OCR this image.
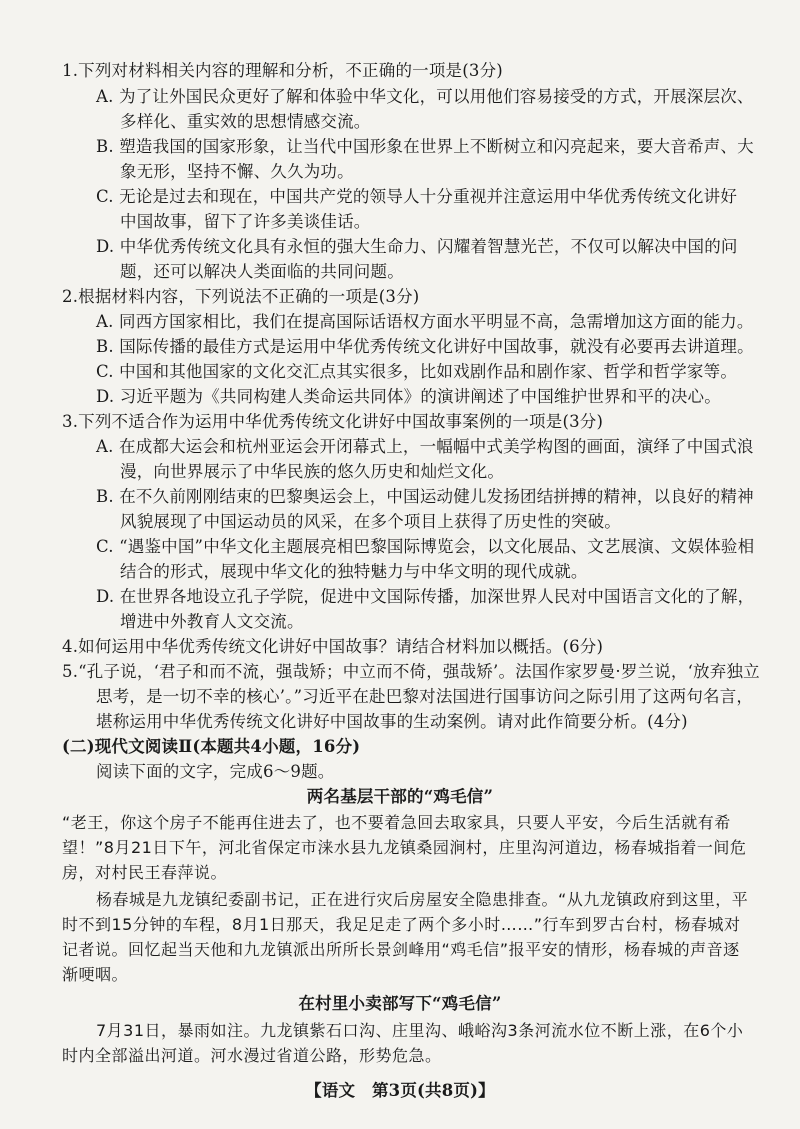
1.下列对材料相关内容的理解和分析，不正确的一项是(3分)
A. 为了让外国民众更好了解和体验中华文化，可以用他们容易接受的方式，开展深层次、
多样化、重实效的思想情感交流。
B. 塑造我国的国家形象，让当代中国形象在世界上不断树立和闪亮起来，要大音希声、大
象无形，坚持不懈、久久为功。
C. 无论是过去和现在，中国共产党的领导人十分重视并注意运用中华优秀传统文化讲好
中国故事，留下了许多美谈佳话。
D. 中华优秀传统文化具有永恒的强大生命力、闪耀着智慧光芒，不仅可以解决中国的问
题，还可以解决人类面临的共同问题。
2.根据材料内容，下列说法不正确的一项是(3分)
A. 同西方国家相比，我们在提高国际话语权方面水平明显不高，急需增加这方面的能力。
B. 国际传播的最佳方式是运用中华优秀传统文化讲好中国故事，就没有必要再去讲道理。
C. 中国和其他国家的文化交汇点其实很多，比如戏剧作品和剧作家、哲学和哲学家等。
D. 习近平题为《共同构建人类命运共同体》的演讲阐述了中国维护世界和平的决心。
3.下列不适合作为运用中华优秀传统文化讲好中国故事案例的一项是(3分)
A. 在成都大运会和杭州亚运会开闭幕式上，一幅幅中式美学构图的画面，演绎了中国式浪
漫，向世界展示了中华民族的悠久历史和灿烂文化。
B. 在不久前刚刚结束的巴黎奥运会上，中国运动健儿发扬团结拼搏的精神，以良好的精神
风貌展现了中国运动员的风采，在多个项目上获得了历史性的突破。
C. “遇鉴中国”中华文化主题展亮相巴黎国际博览会，以文化展品、文艺展演、文娱体验相
结合的形式，展现中华文化的独特魅力与中华文明的现代成就。
D. 在世界各地设立孔子学院，促进中文国际传播，加深世界人民对中国语言文化的了解，
增进中外教育人文交流。
4.如何运用中华优秀传统文化讲好中国故事？请结合材料加以概括。(6分)
5.“孔子说，‘君子和而不流，强哉矫；中立而不倚，强哉矫’。法国作家罗曼·罗兰说，‘放弃独立
思考，是一切不幸的核心’。”习近平在赴巴黎对法国进行国事访问之际引用了这两句名言，
堪称运用中华优秀传统文化讲好中国故事的生动案例。请对此作简要分析。(4分)
(二)现代文阅读Ⅱ(本题共4小题，16分)
阅读下面的文字，完成6～9题。
两名基层干部的“鸡毛信”
“老王，你这个房子不能再住进去了，也不要着急回去取家具，只要人平安，今后生活就有希
望！”8月21日下午，河北省保定市涞水县九龙镇桑园涧村，庄里沟河道边，杨春城指着一间危
房，对村民王春萍说。
杨春城是九龙镇纪委副书记，正在进行灾后房屋安全隐患排查。“从九龙镇政府到这里，平
时不到15分钟的车程，8月1日那天，我足足走了两个多小时……”行车到罗古台村，杨春城对
记者说。回忆起当天他和九龙镇派出所所长景剑峰用“鸡毛信”报平安的情形，杨春城的声音逐
渐哽咽。
在村里小卖部写下“鸡毛信”
7月31日，暴雨如注。九龙镇紫石口沟、庄里沟、峨峪沟3条河流水位不断上涨，在6个小
时内全部溢出河道。河水漫过省道公路，形势危急。
【语文　第3页(共8页)】
